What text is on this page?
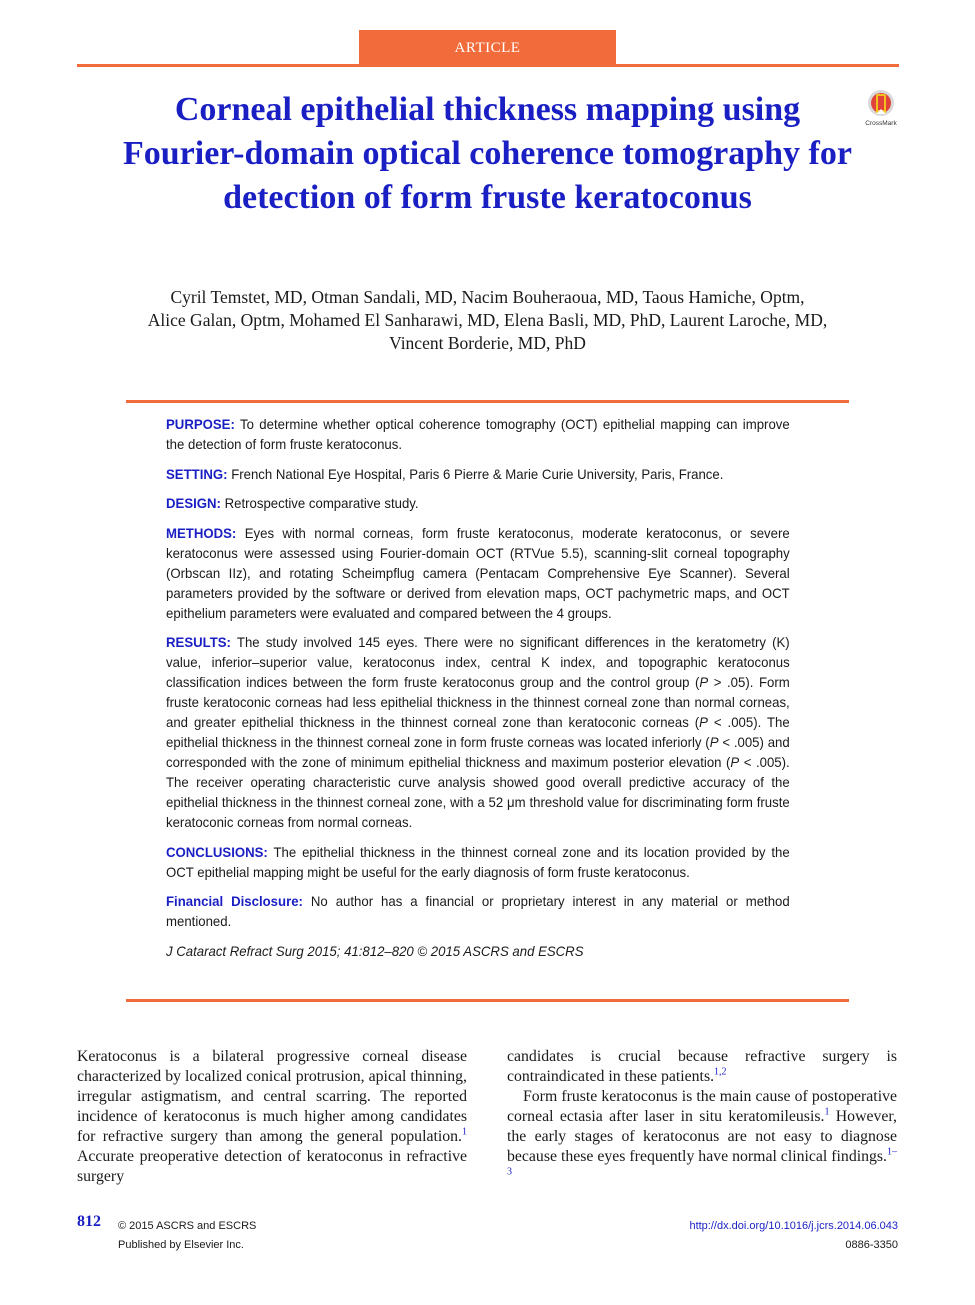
ARTICLE
Corneal epithelial thickness mapping using Fourier-domain optical coherence tomography for detection of form fruste keratoconus
CrossMark
Cyril Temstet, MD, Otman Sandali, MD, Nacim Bouheraoua, MD, Taous Hamiche, Optm,
Alice Galan, Optm, Mohamed El Sanharawi, MD, Elena Basli, MD, PhD, Laurent Laroche, MD,
Vincent Borderie, MD, PhD

PURPOSE: To determine whether optical coherence tomography (OCT) epithelial mapping can improve the detection of form fruste keratoconus.

SETTING: French National Eye Hospital, Paris 6 Pierre & Marie Curie University, Paris, France.

DESIGN: Retrospective comparative study.

METHODS: Eyes with normal corneas, form fruste keratoconus, moderate keratoconus, or severe keratoconus were assessed using Fourier-domain OCT (RTVue 5.5), scanning-slit corneal topography (Orbscan IIz), and rotating Scheimpflug camera (Pentacam Comprehensive Eye Scanner). Several parameters provided by the software or derived from elevation maps, OCT pachymetric maps, and OCT epithelium parameters were evaluated and compared between the 4 groups.

RESULTS: The study involved 145 eyes. There were no significant differences in the keratometry (K) value, inferior–superior value, keratoconus index, central K index, and topographic keratoconus classification indices between the form fruste keratoconus group and the control group (P > .05). Form fruste keratoconic corneas had less epithelial thickness in the thinnest corneal zone than normal corneas, and greater epithelial thickness in the thinnest corneal zone than keratoconic corneas (P < .005). The epithelial thickness in the thinnest corneal zone in form fruste corneas was located inferiorly (P < .005) and corresponded with the zone of minimum epithelial thickness and maximum posterior elevation (P < .005). The receiver operating characteristic curve analysis showed good overall predictive accuracy of the epithelial thickness in the thinnest corneal zone, with a 52 μm threshold value for discriminating form fruste keratoconic corneas from normal corneas.

CONCLUSIONS: The epithelial thickness in the thinnest corneal zone and its location provided by the OCT epithelial mapping might be useful for the early diagnosis of form fruste keratoconus.

Financial Disclosure: No author has a financial or proprietary interest in any material or method mentioned.

J Cataract Refract Surg 2015; 41:812–820 © 2015 ASCRS and ESCRS

Keratoconus is a bilateral progressive corneal disease characterized by localized conical protrusion, apical thinning, irregular astigmatism, and central scarring. The reported incidence of keratoconus is much higher among candidates for refractive surgery than among the general population.$^1$ Accurate preoperative detection of keratoconus in refractive surgery

candidates is crucial because refractive surgery is contraindicated in these patients.$^{1,2}$

Form fruste keratoconus is the main cause of postoperative corneal ectasia after laser in situ keratomileusis.$^1$ However, the early stages of keratoconus are not easy to diagnose because these eyes frequently have normal clinical findings.$^{1-3}$

812 © 2015 ASCRS and ESCRS
Published by Elsevier Inc.
http://dx.doi.org/10.1016/j.jcrs.2014.06.043
0886-3350
